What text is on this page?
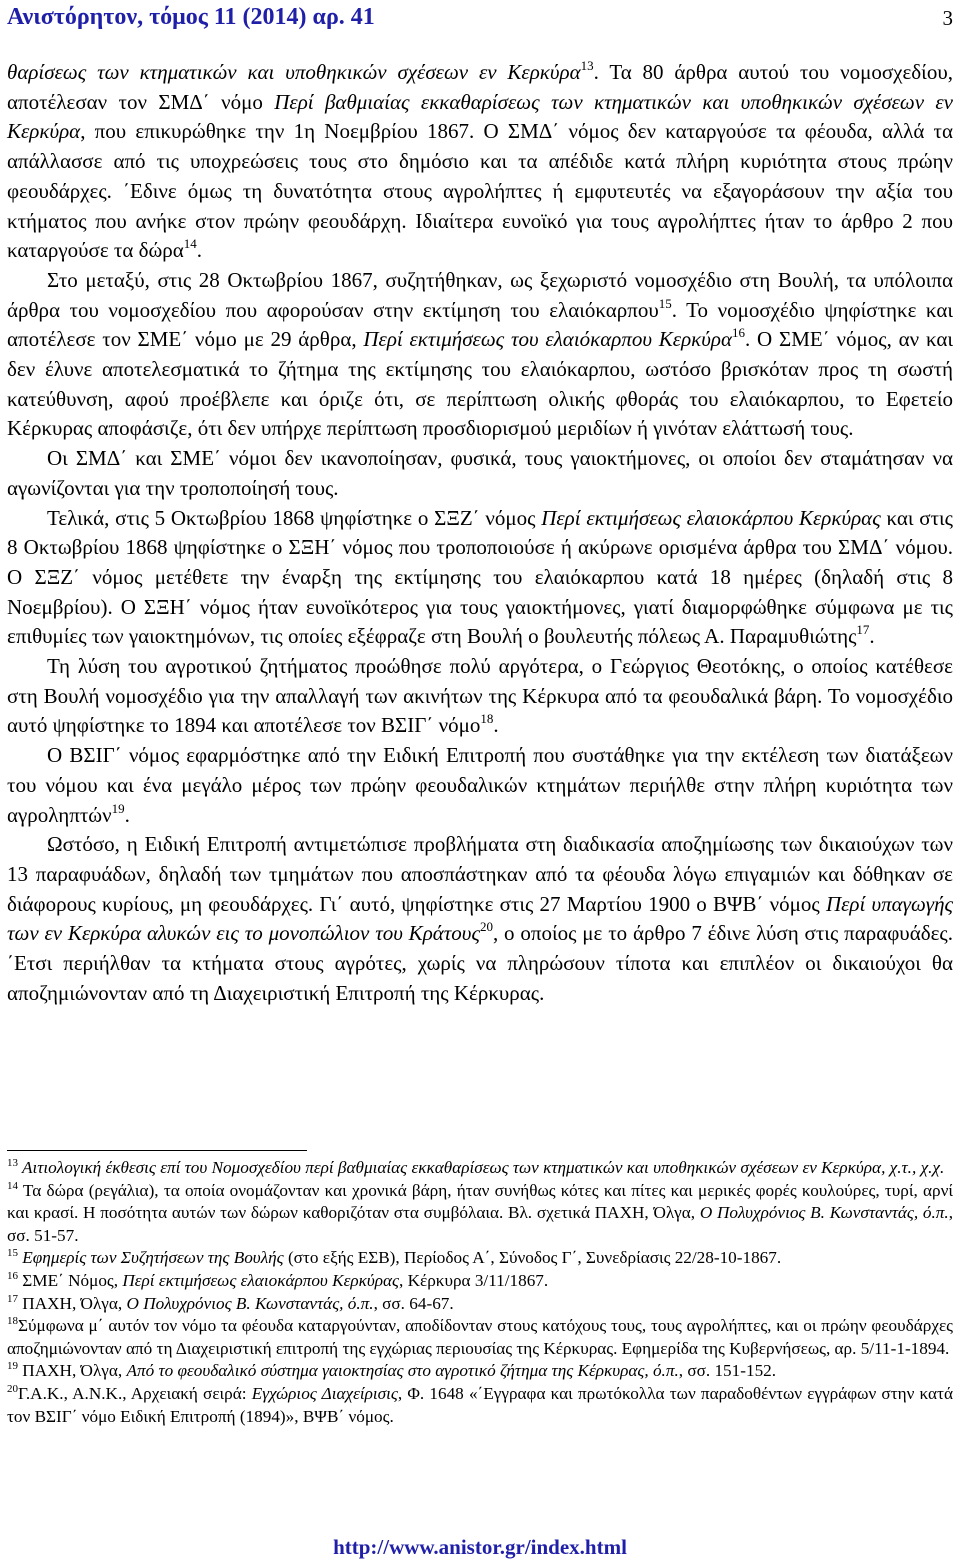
Ανιστόρητον, τόμος 11 (2014) αρ. 41	3

θαρίσεως των κτηματικών και υποθηκικών σχέσεων εν Κερκύρα$^{13}$. Τα 80 άρθρα αυτού του νομοσχεδίου, αποτέλεσαν τον ΣΜΔ΄ νόμο Περί βαθμιαίας εκκαθαρίσεως των κτηματικών και υποθηκικών σχέσεων εν Κερκύρα, που επικυρώθηκε την 1η Νοεμβρίου 1867. Ο ΣΜΔ΄ νόμος δεν καταργούσε τα φέουδα, αλλά τα απάλλασσε από τις υποχρεώσεις τους στο δημόσιο και τα απέδιδε κατά πλήρη κυριότητα στους πρώην φεουδάρχες. ΄Εδινε όμως τη δυνατότητα στους αγρολήπτες ή εμφυτευτές να εξαγοράσουν την αξία του κτήματος που ανήκε στον πρώην φεουδάρχη. Ιδιαίτερα ευνοϊκό για τους αγρολήπτες ήταν το άρθρο 2 που καταργούσε τα δώρα$^{14}$.

Στο μεταξύ, στις 28 Οκτωβρίου 1867, συζητήθηκαν, ως ξεχωριστό νομοσχέδιο στη Βουλή, τα υπόλοιπα άρθρα του νομοσχεδίου που αφορούσαν στην εκτίμηση του ελαιόκαρπου$^{15}$. Το νομοσχέδιο ψηφίστηκε και αποτέλεσε τον ΣΜΕ΄ νόμο με 29 άρθρα, Περί εκτιμήσεως του ελαιόκαρπου Κερκύρα$^{16}$. Ο ΣΜΕ΄ νόμος, αν και δεν έλυνε αποτελεσματικά το ζήτημα της εκτίμησης του ελαιόκαρπου, ωστόσο βρισκόταν προς τη σωστή κατεύθυνση, αφού προέβλεπε και όριζε ότι, σε περίπτωση ολικής φθοράς του ελαιόκαρπου, το Εφετείο Κέρκυρας αποφάσιζε, ότι δεν υπήρχε περίπτωση προσδιορισμού μεριδίων ή γινόταν ελάττωσή τους.

Οι ΣΜΔ΄ και ΣΜΕ΄ νόμοι δεν ικανοποίησαν, φυσικά, τους γαιοκτήμονες, οι οποίοι δεν σταμάτησαν να αγωνίζονται για την τροποποίησή τους.

Τελικά, στις 5 Οκτωβρίου 1868 ψηφίστηκε ο ΣΞΖ΄ νόμος Περί εκτιμήσεως ελαιοκάρπου Κερκύρας και στις 8 Οκτωβρίου 1868 ψηφίστηκε ο ΣΞΗ΄ νόμος που τροποποιούσε ή ακύρωνε ορισμένα άρθρα του ΣΜΔ΄ νόμου. Ο ΣΞΖ΄ νόμος μετέθετε την έναρξη της εκτίμησης του ελαιόκαρπου κατά 18 ημέρες (δηλαδή στις 8 Νοεμβρίου). Ο ΣΞΗ΄ νόμος ήταν ευνοϊκότερος για τους γαιοκτήμονες, γιατί διαμορφώθηκε σύμφωνα με τις επιθυμίες των γαιοκτημόνων, τις οποίες εξέφραζε στη Βουλή ο βουλευτής πόλεως Α. Παραμυθιώτης$^{17}$.

Τη λύση του αγροτικού ζητήματος προώθησε πολύ αργότερα, ο Γεώργιος Θεοτόκης, ο οποίος κατέθεσε στη Βουλή νομοσχέδιο για την απαλλαγή των ακινήτων της Κέρκυρα από τα φεουδαλικά βάρη. Το νομοσχέδιο αυτό ψηφίστηκε το 1894 και αποτέλεσε τον ΒΣΙΓ΄ νόμο$^{18}$.

Ο ΒΣΙΓ΄ νόμος εφαρμόστηκε από την Ειδική Επιτροπή που συστάθηκε για την εκτέλεση των διατάξεων του νόμου και ένα μεγάλο μέρος των πρώην φεουδαλικών κτημάτων περιήλθε στην πλήρη κυριότητα των αγροληπτών$^{19}$.

Ωστόσο, η Ειδική Επιτροπή αντιμετώπισε προβλήματα στη διαδικασία αποζημίωσης των δικαιούχων των 13 παραφυάδων, δηλαδή των τμημάτων που αποσπάστηκαν από τα φέουδα λόγω επιγαμιών και δόθηκαν σε διάφορους κυρίους, μη φεουδάρχες. Γι΄ αυτό, ψηφίστηκε στις 27 Μαρτίου 1900 ο ΒΨΒ΄ νόμος Περί υπαγωγής των εν Κερκύρα αλυκών εις το μονοπώλιον του Κράτους$^{20}$, ο οποίος με το άρθρο 7 έδινε λύση στις παραφυάδες. ΄Ετσι περιήλθαν τα κτήματα στους αγρότες, χωρίς να πληρώσουν τίποτα και επιπλέον οι δικαιούχοι θα αποζημιώνονταν από τη Διαχειριστική Επιτροπή της Κέρκυρας.

$^{13}$ Αιτιολογική έκθεσις επί του Νομοσχεδίου περί βαθμιαίας εκκαθαρίσεως των κτηματικών και υποθηκικών σχέσεων εν Κερκύρα, χ.τ., χ.χ.

$^{14}$ Τα δώρα (ρεγάλια), τα οποία ονομάζονταν και χρονικά βάρη, ήταν συνήθως κότες και πίτες και μερικές φορές κουλούρες, τυρί, αρνί και κρασί. Η ποσότητα αυτών των δώρων καθοριζόταν στα συμβόλαια. Βλ. σχετικά ΠΑΧΗ, Όλγα, Ο Πολυχρόνιος Β. Κωνσταντάς, ό.π., σσ. 51-57.

$^{15}$ Εφημερίς των Συζητήσεων της Βουλής (στο εξής ΕΣΒ), Περίοδος Α΄, Σύνοδος Γ΄, Συνεδρίασις 22/28-10-1867.

$^{16}$ ΣΜΕ΄ Νόμος, Περί εκτιμήσεως ελαιοκάρπου Κερκύρας, Κέρκυρα 3/11/1867.

$^{17}$ ΠΑΧΗ, Όλγα, Ο Πολυχρόνιος Β. Κωνσταντάς, ό.π., σσ. 64-67.

$^{18}$Σύμφωνα μ΄ αυτόν τον νόμο τα φέουδα καταργούνταν, αποδίδονταν στους κατόχους τους, τους αγρολήπτες, και οι πρώην φεουδάρχες αποζημιώνονταν από τη Διαχειριστική επιτροπή της εγχώριας περιουσίας της Κέρκυρας. Εφημερίδα της Κυβερνήσεως, αρ. 5/11-1-1894.

$^{19}$ ΠΑΧΗ, Όλγα, Από το φεουδαλικό σύστημα γαιοκτησίας στο αγροτικό ζήτημα της Κέρκυρας, ό.π., σσ. 151-152.

$^{20}$Γ.Α.Κ., Α.Ν.Κ., Αρχειακή σειρά: Εγχώριος Διαχείρισις, Φ. 1648 «΄Εγγραφα και πρωτόκολλα των παραδοθέντων εγγράφων στην κατά τον ΒΣΙΓ΄ νόμο Ειδική Επιτροπή (1894)», ΒΨΒ΄ νόμος.

http://www.anistor.gr/index.html
